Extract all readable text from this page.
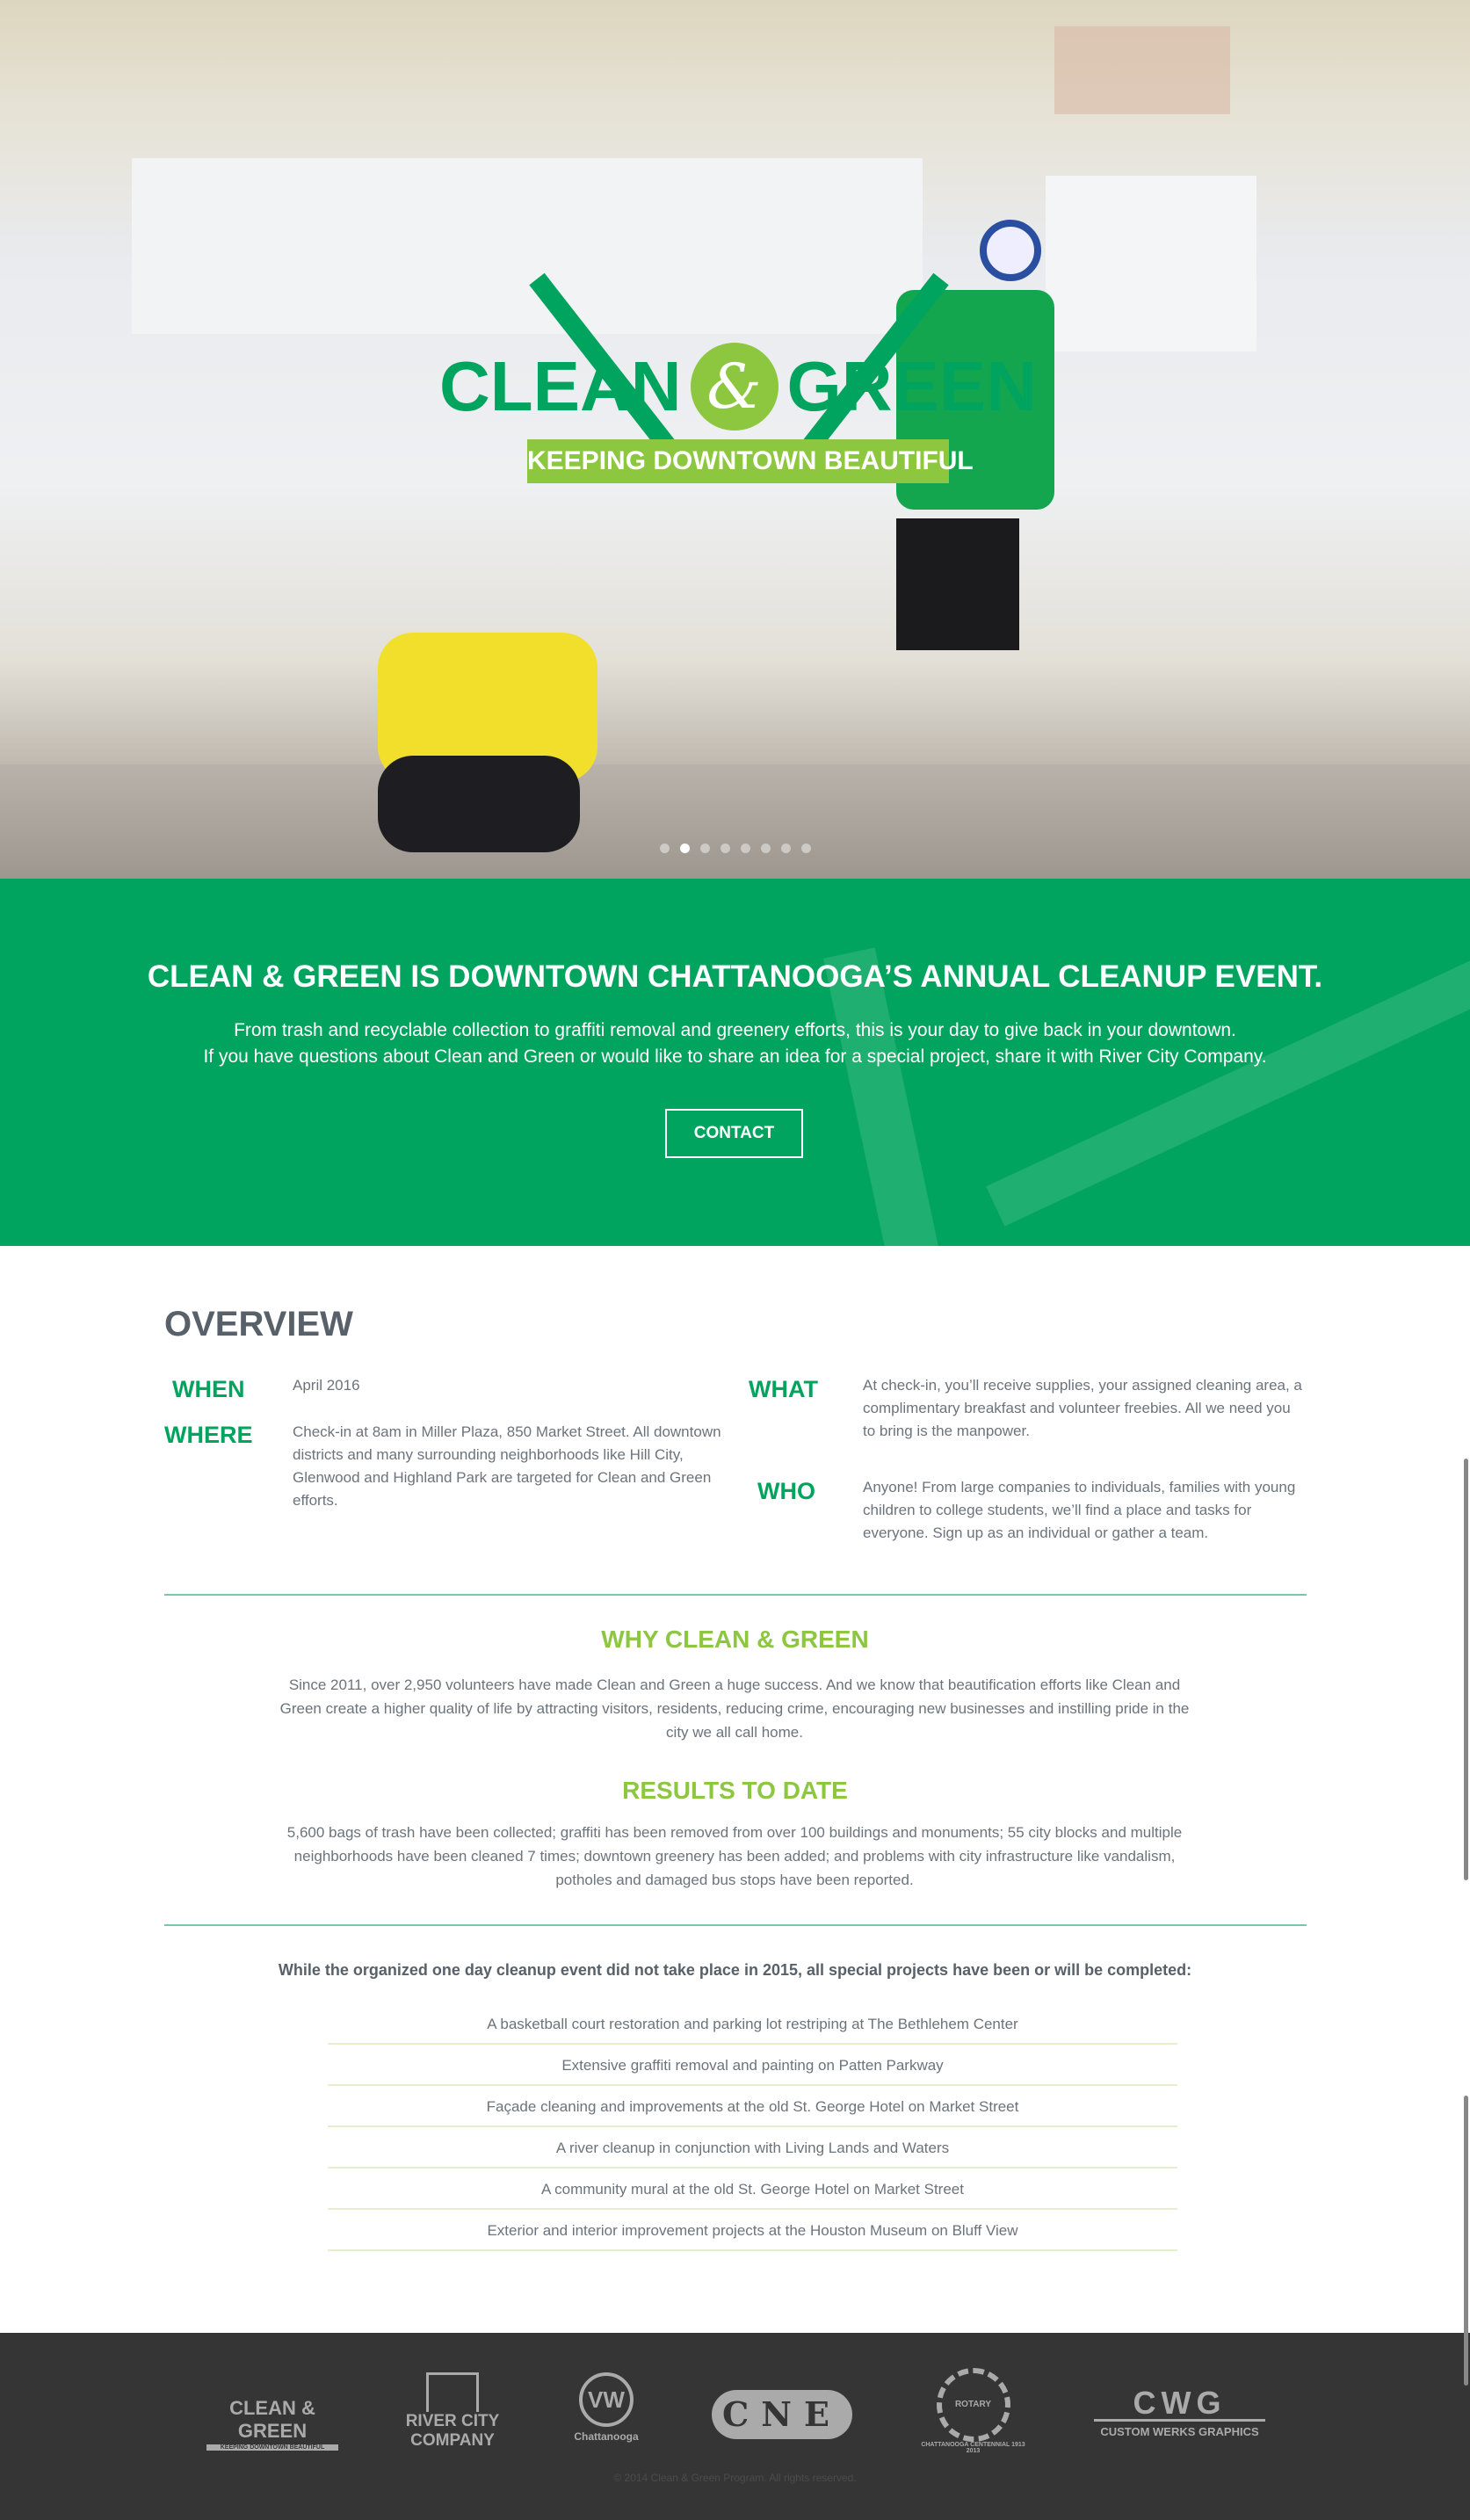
CLEAN & GREEN
KEEPING DOWNTOWN BEAUTIFUL
CLEAN & GREEN IS DOWNTOWN CHATTANOOGA’S ANNUAL CLEANUP EVENT.

From trash and recyclable collection to graffiti removal and greenery efforts, this is your day to give back in your downtown.

If you have questions about Clean and Green or would like to share an idea for a special project, share it with River City Company.

CONTACT
OVERVIEW
WHEN	April 2016
WHERE	Check-in at 8am in Miller Plaza, 850 Market Street. All downtown districts and many surrounding neighborhoods like Hill City, Glenwood and Highland Park are targeted for Clean and Green efforts.
WHAT	At check-in, you’ll receive supplies, your assigned cleaning area, a complimentary breakfast and volunteer freebies. All we need you to bring is the manpower.
WHO	Anyone! From large companies to individuals, families with young children to college students, we’ll find a place and tasks for everyone. Sign up as an individual or gather a team.
WHY CLEAN & GREEN
Since 2011, over 2,950 volunteers have made Clean and Green a huge success. And we know that beautification efforts like Clean and Green create a higher quality of life by attracting visitors, residents, reducing crime, encouraging new businesses and instilling pride in the city we all call home.
RESULTS TO DATE
5,600 bags of trash have been collected; graffiti has been removed from over 100 buildings and monuments; 55 city blocks and multiple neighborhoods have been cleaned 7 times; downtown greenery has been added; and problems with city infrastructure like vandalism, potholes and damaged bus stops have been reported.
While the organized one day cleanup event did not take place in 2015, all special projects have been or will be completed:
A basketball court restoration and parking lot restriping at The Bethlehem Center
Extensive graffiti removal and painting on Patten Parkway
Façade cleaning and improvements at the old St. George Hotel on Market Street
A river cleanup in conjunction with Living Lands and Waters
A community mural at the old St. George Hotel on Market Street
Exterior and interior improvement projects at the Houston Museum on Bluff View
CLEAN & GREEN
KEEPING DOWNTOWN BEAUTIFUL
RIVER CITY
COMPANY
VW
Chattanooga
CNE	ROTARY
CHATTANOOGA CENTENNIAL 1913 2013
CWG
CUSTOM WERKS GRAPHICS
© 2014 Clean & Green Program. All rights reserved.
